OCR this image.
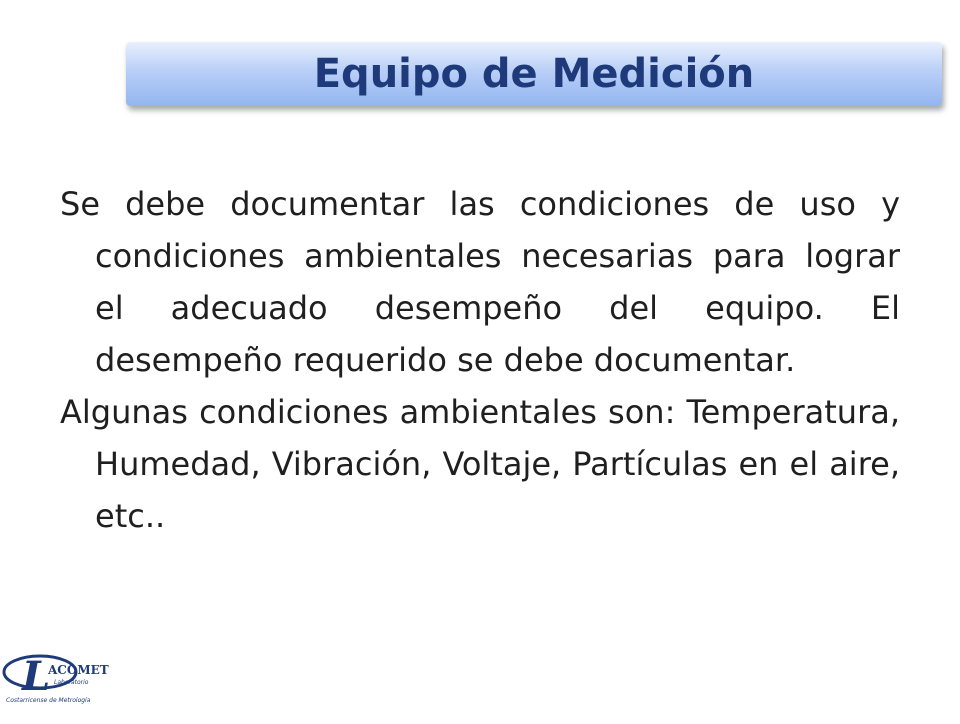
Equipo de Medición

Se debe documentar las condiciones de uso y condiciones ambientales necesarias para lograr el adecuado desempeño del equipo. El desempeño requerido se debe documentar.

Algunas condiciones ambientales son: Temperatura, Humedad, Vibración, Voltaje, Partículas en el aire, etc..

L
ACOMET
Laboratorio
Costarricense de Metrología
